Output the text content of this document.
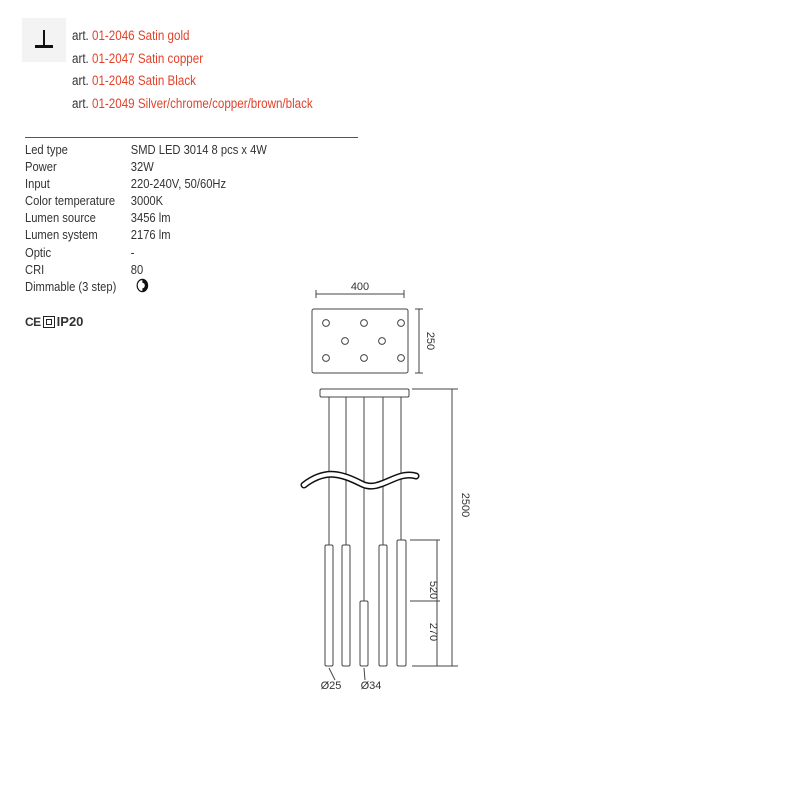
art. 01-2046 Satin gold
art. 01-2047 Satin copper
art. 01-2048 Satin Black
art. 01-2049 Silver/chrome/copper/brown/black
Led type	SMD LED 3014 8 pcs x 4W
Power	32W
Input	220-240V, 50/60Hz
Color temperature	3000K
Lumen source	3456 lm
Lumen system	2176 lm
Optic	-
CRI	80
Dimmable (3 step)
CE IP20
400
250
2500
520
270
Ø25 Ø34
